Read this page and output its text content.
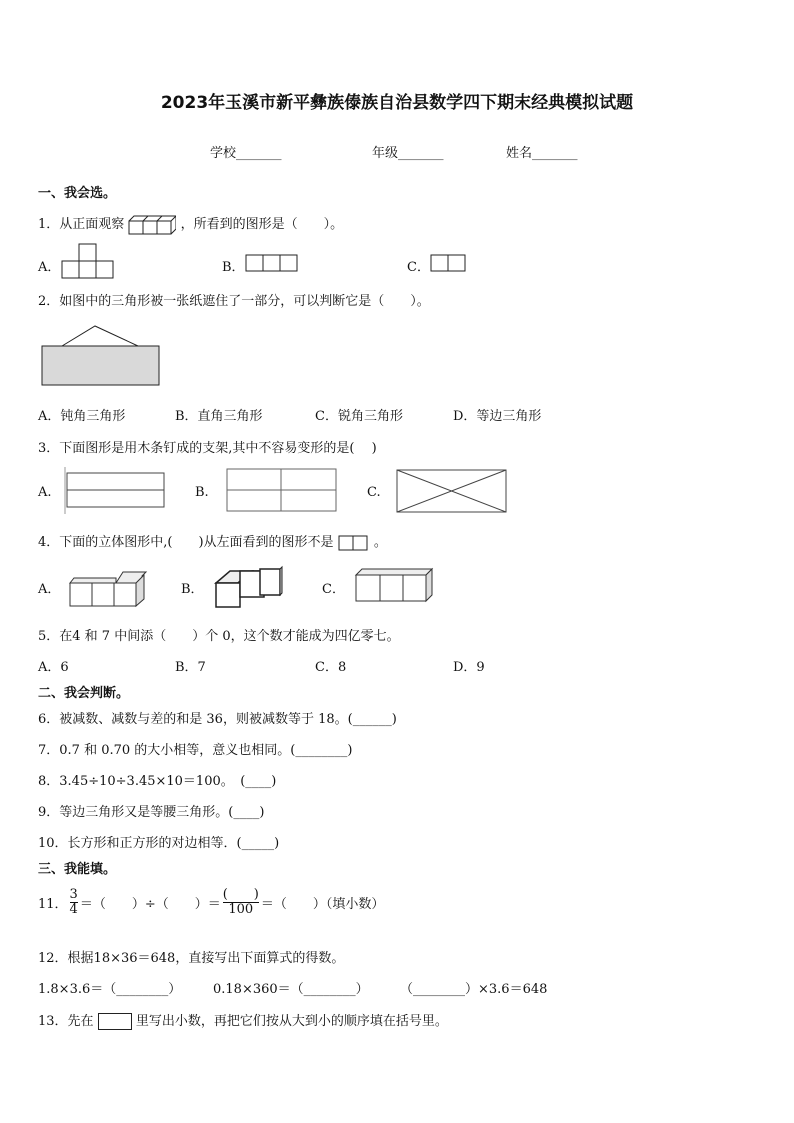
2023年玉溪市新平彝族傣族自治县数学四下期末经典模拟试题
学校_______	年级_______	姓名_______
一、我会选。
1．从正面观察	，所看到的图形是（　　）。
A．	B．	C．
2．如图中的三角形被一张纸遮住了一部分，可以判断它是（　　）。
A．钝角三角形	B．直角三角形	C．锐角三角形	D．等边三角形
3．下面图形是用木条钉成的支架,其中不容易变形的是(　 )
A.	B.	C.
4．下面的立体图形中,(　　)从左面看到的图形不是	。
A．	B．	C．
5．在4 和 7 中间添（　　）个 0，这个数才能成为四亿零七。
A．6	B．7	C．8	D．9
二、我会判断。
6．被减数、减数与差的和是 36，则被减数等于 18。(______)
7．0.7 和 0.70 的大小相等，意义也相同。(________)
8．3.45÷10÷3.45×10＝100。　(____)
9．等边三角形又是等腰三角形。(____)
10．长方形和正方形的对边相等．(_____)
三、我能填。
11． $\frac{3}{4}$ ＝（　　）÷（　　）＝ $\frac{( )}{100}$ ＝（　　）（填小数）
12．根据18×36＝648，直接写出下面算式的得数。
1.8×3.6＝（________） 0.18×360＝（________） （________）×3.6＝648
13．先在	里写出小数，再把它们按从大到小的顺序填在括号里。
